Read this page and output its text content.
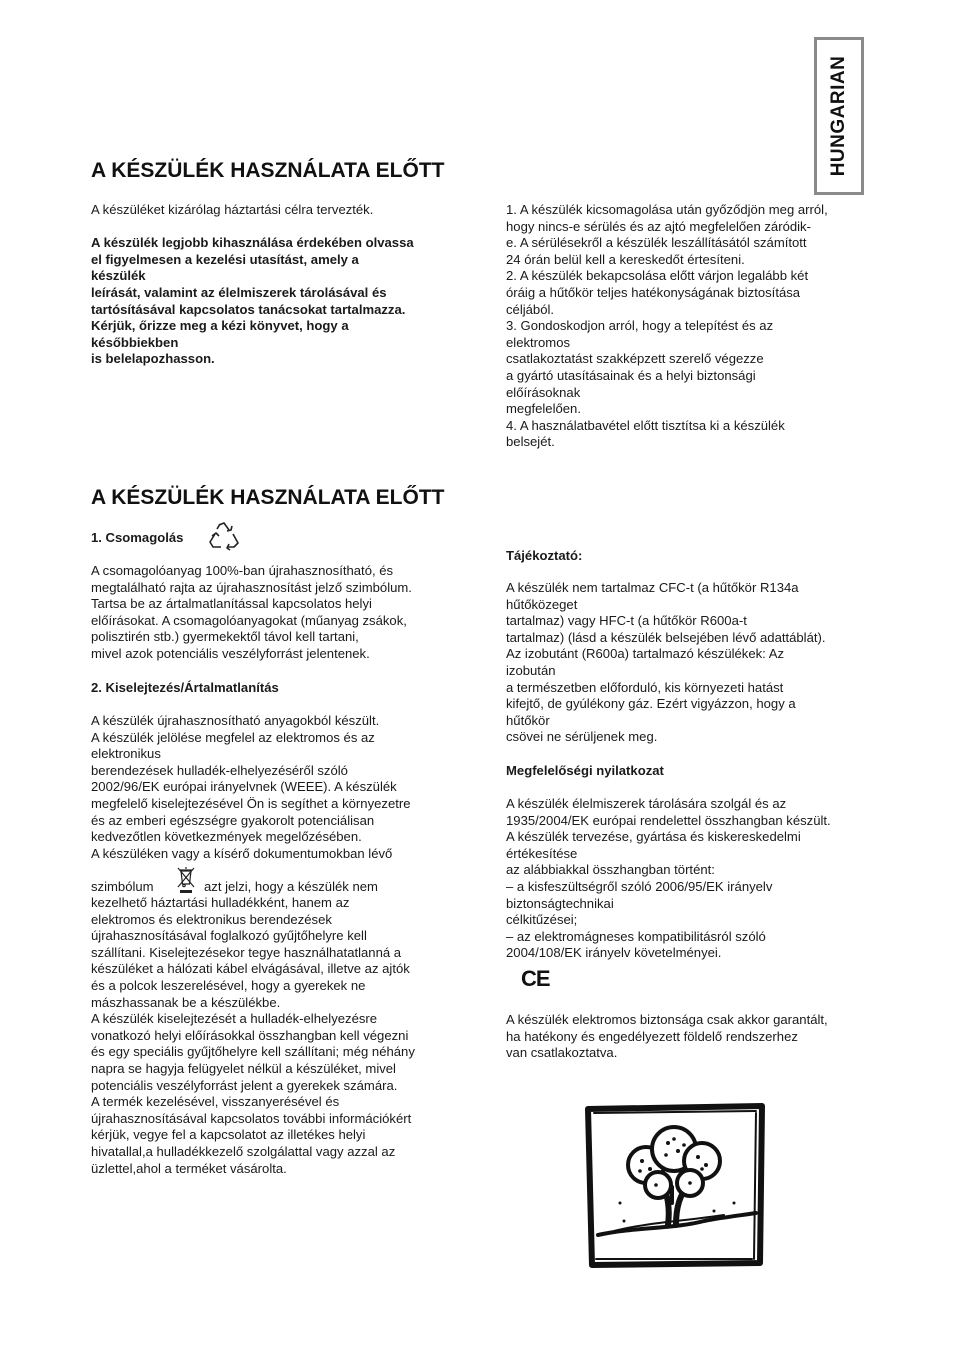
HUNGARIAN
A KÉSZÜLÉK HASZNÁLATA ELŐTT
A készüléket kizárólag háztartási célra tervezték.
A készülék legjobb kihasználása érdekében olvassa
el figyelmesen a kezelési utasítást, amely a
készülék
leírását, valamint az élelmiszerek tárolásával és
tartósításával kapcsolatos tanácsokat tartalmazza.
Kérjük, őrizze meg a kézi könyvet, hogy a
későbbiekben
is belelapozhasson.
1. A készülék kicsomagolása után győződjön meg arról,
hogy nincs-e sérülés és az ajtó megfelelően záródik-
e. A sérülésekről a készülék leszállításától számított
24 órán belül kell a kereskedőt értesíteni.
2. A készülék bekapcsolása előtt várjon legalább két
óráig a hűtőkör teljes hatékonyságának biztosítása
céljából.
3. Gondoskodjon arról, hogy a telepítést és az
elektromos
csatlakoztatást szakképzett szerelő végezze
a gyártó utasításainak és a helyi biztonsági
előírásoknak
megfelelően.
4. A használatbavétel előtt tisztítsa ki a készülék
belsejét.
A KÉSZÜLÉK HASZNÁLATA ELŐTT
1. Csomagolás
A csomagolóanyag 100%-ban újrahasznosítható, és
megtalálható rajta az újrahasznosítást jelző szimbólum.
Tartsa be az ártalmatlanítással kapcsolatos helyi
előírásokat. A csomagolóanyagokat (műanyag zsákok,
polisztirén stb.) gyermekektől távol kell tartani,
mivel azok potenciális veszélyforrást jelentenek.
2. Kiselejtezés/Ártalmatlanítás
A készülék újrahasznosítható anyagokból készült.
A készülék jelölése megfelel az elektromos és az
elektronikus
berendezések hulladék-elhelyezéséről szóló
2002/96/EK európai irányelvnek (WEEE). A készülék
megfelelő kiselejtezésével Ön is segíthet a környezetre
és az emberi egészségre gyakorolt potenciálisan
kedvezőtlen következmények megelőzésében.
A készüléken vagy a kísérő dokumentumokban lévő
szimbólum	azt jelzi, hogy a készülék nem
kezelhető háztartási hulladékként, hanem az
elektromos és elektronikus berendezések
újrahasznosításával foglalkozó gyűjtőhelyre kell
szállítani. Kiselejtezésekor tegye használhatatlanná a
készüléket a hálózati kábel elvágásával, illetve az ajtók
és a polcok leszerelésével, hogy a gyerekek ne
mászhassanak be a készülékbe.
A készülék kiselejtezését a hulladék-elhelyezésre
vonatkozó helyi előírásokkal összhangban kell végezni
és egy speciális gyűjtőhelyre kell szállítani; még néhány
napra se hagyja felügyelet nélkül a készüléket, mivel
potenciális veszélyforrást jelent a gyerekek számára.
A termék kezelésével, visszanyerésével és
újrahasznosításával kapcsolatos további információkért
kérjük, vegye fel a kapcsolatot az illetékes helyi
hivatallal,a hulladékkezelő szolgálattal vagy azzal az
üzlettel,ahol a terméket vásárolta.
Tájékoztató:
A készülék nem tartalmaz CFC-t (a hűtőkör R134a
hűtőközeget
tartalmaz) vagy HFC-t (a hűtőkör R600a-t
tartalmaz) (lásd a készülék belsejében lévő adattáblát).
Az izobutánt (R600a) tartalmazó készülékek: Az
izobután
a természetben előforduló, kis környezeti hatást
kifejtő, de gyúlékony gáz. Ezért vigyázzon, hogy a
hűtőkör
csövei ne sérüljenek meg.
Megfelelőségi nyilatkozat
A készülék élelmiszerek tárolására szolgál és az
1935/2004/EK európai rendelettel összhangban készült.
A készülék tervezése, gyártása és kiskereskedelmi
értékesítése
az alábbiakkal összhangban történt:
– a kisfeszültségről szóló 2006/95/EK irányelv
biztonságtechnikai
célkitűzései;
– az elektromágneses kompatibilitásról szóló
2004/108/EK irányelv követelményei.
CE
A készülék elektromos biztonsága csak akkor garantált,
ha hatékony és engedélyezett földelő rendszerhez
van csatlakoztatva.
